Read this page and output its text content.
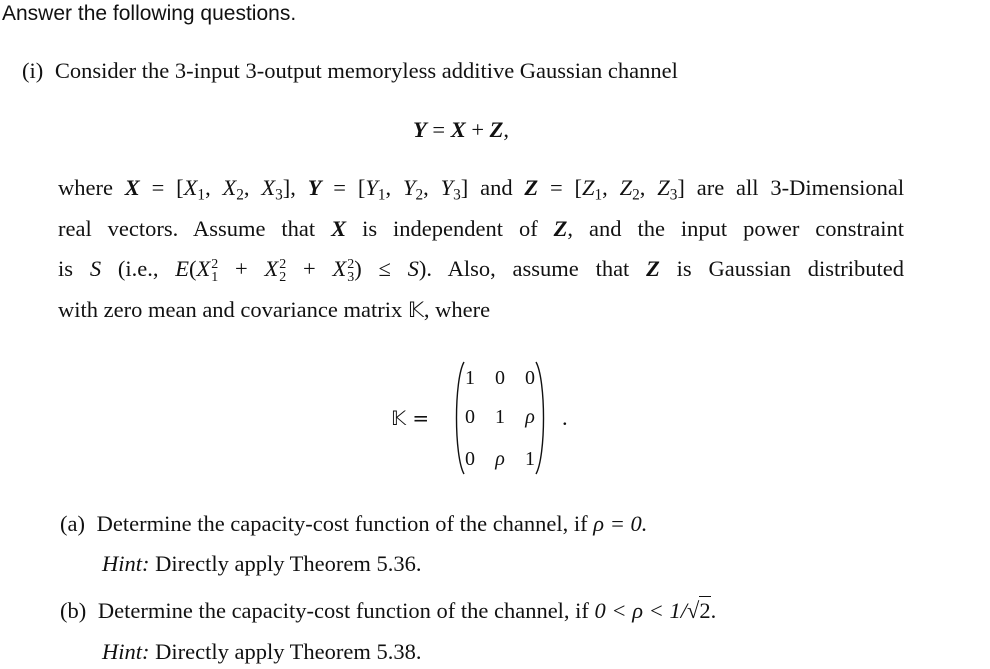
Answer the following questions.
(i) Consider the 3-input 3-output memoryless additive Gaussian channel
Y = X + Z,
where $X = [X_1$, $X_2$, $X_3$], $Y = [Y_1$, $Y_2$, $Y_3$] and $Z = [Z_1$, $Z_2$, $Z_3$] are all 3-Dimensional
real vectors. Assume that X is independent of Z, and the input power constraint
is S (i.e., E(X 2
1 + X 2
2 + X 2
3 ) ≤ S). Also, assume that Z is Gaussian distributed
with zero mean and covariance matrix 𝕂, where
𝕂 =
1	0	0
0	1	ρ
0	ρ	1
.
(a) Determine the capacity-cost function of the channel, if ρ = 0.
Hint: Directly apply Theorem 5.36.
(b) Determine the capacity-cost function of the channel, if 0 < ρ < 1/√2.
Hint: Directly apply Theorem 5.38.
